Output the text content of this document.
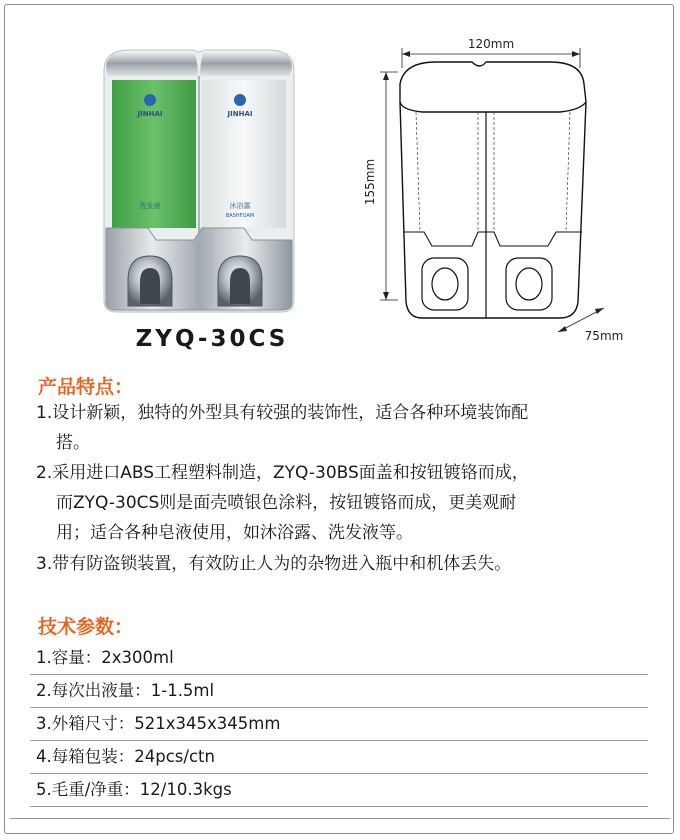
JINHAI	JINHAI
洗发液	沐浴露
BASHFOAM
ZYQ-30CS
120mm
155mm
75mm
产品特点：
1.设计新颖，独特的外型具有较强的装饰性，适合各种环境装饰配
搭。
2.采用进口ABS工程塑料制造，ZYQ-30BS面盖和按钮镀铬而成，
而ZYQ-30CS则是面壳喷银色涂料，按钮镀铬而成，更美观耐
用；适合各种皂液使用，如沐浴露、洗发液等。
3.带有防盗锁装置，有效防止人为的杂物进入瓶中和机体丢失。
技术参数：
1.容量：2x300ml
2.每次出液量：1-1.5ml
3.外箱尺寸：521x345x345mm
4.每箱包装：24pcs/ctn
5.毛重/净重：12/10.3kgs
